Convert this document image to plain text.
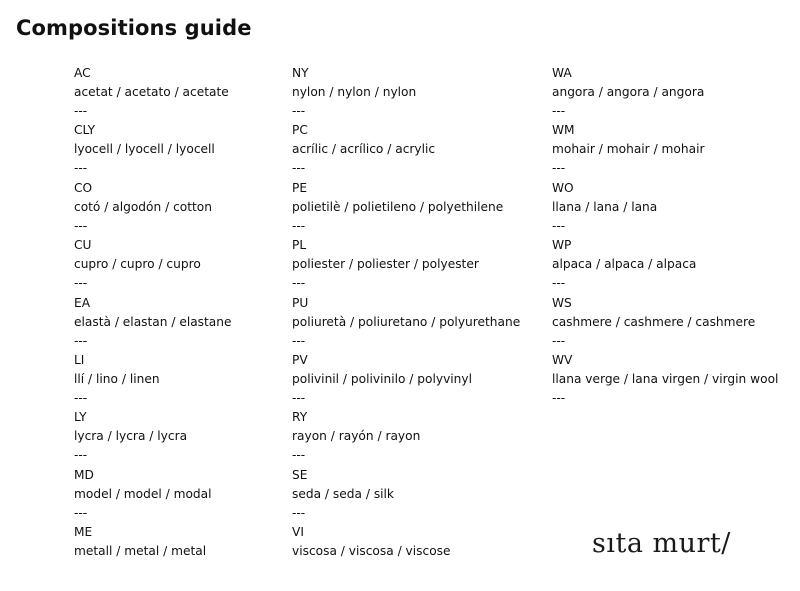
Compositions guide
AC
acetat / acetato / acetate
---
CLY
lyocell / lyocell / lyocell
---
CO
cotó / algodón / cotton
---
CU
cupro / cupro / cupro
---
EA
elastà / elastan / elastane
---
LI
llí / lino / linen
---
LY
lycra / lycra / lycra
---
MD
model / model / modal
---
ME
metall / metal / metal
NY
nylon / nylon / nylon
---
PC
acrílic / acrílico / acrylic
---
PE
polietilè / polietileno / polyethilene
---
PL
poliester / poliester / polyester
---
PU
poliuretà / poliuretano / polyurethane
---
PV
polivinil / polivinilo / polyvinyl
---
RY
rayon / rayón / rayon
---
SE
seda / seda / silk
---
VI
viscosa / viscosa / viscose
WA
angora / angora / angora
---
WM
mohair / mohair / mohair
---
WO
llana / lana / lana
---
WP
alpaca / alpaca / alpaca
---
WS
cashmere / cashmere / cashmere
---
WV
llana verge / lana virgen / virgin wool
---
sıta murt/
